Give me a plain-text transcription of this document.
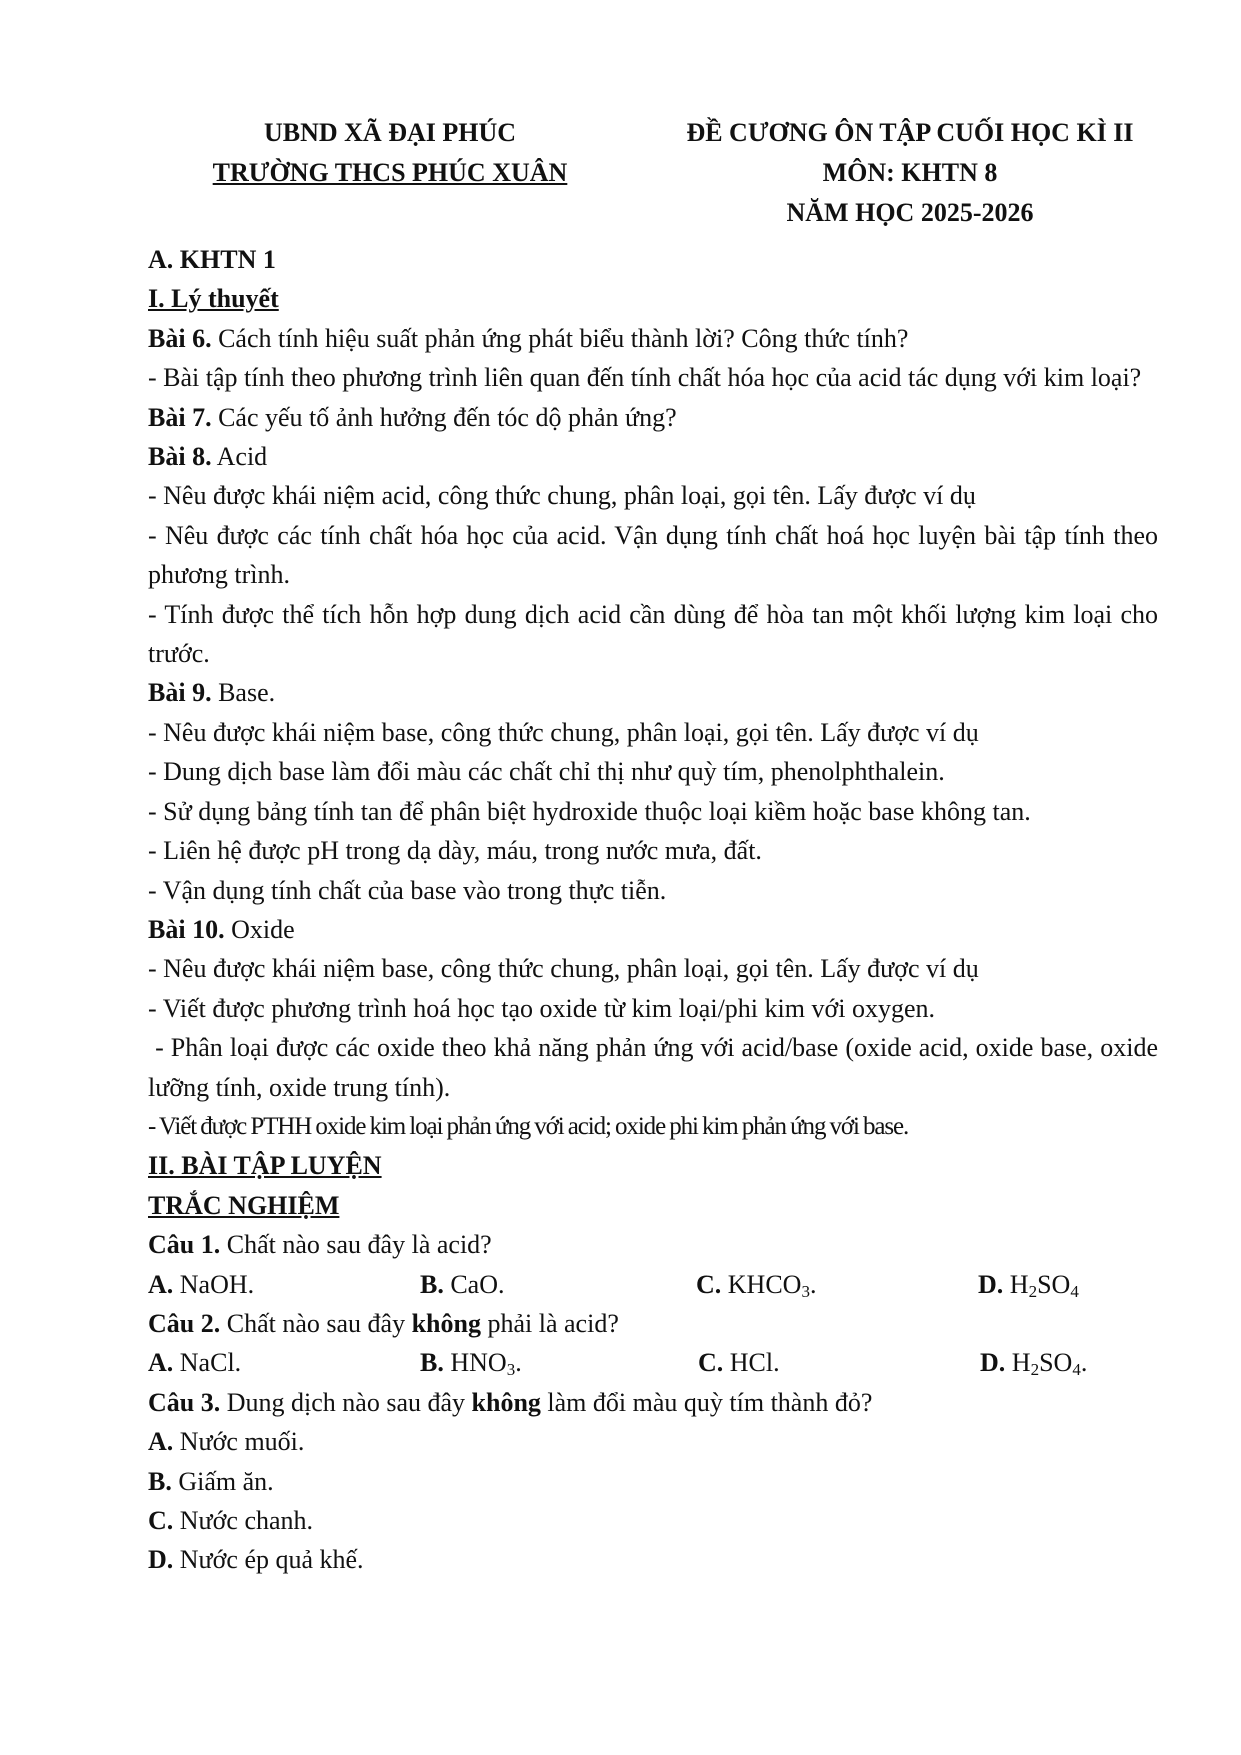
UBND XÃ ĐẠI PHÚC
TRƯỜNG THCS PHÚC XUÂN
ĐỀ CƯƠNG ÔN TẬP CUỐI HỌC KÌ II
MÔN: KHTN 8
NĂM HỌC 2025-2026

A. KHTN 1

I. Lý thuyết

Bài 6. Cách tính hiệu suất phản ứng phát biểu thành lời? Công thức tính?

- Bài tập tính theo phương trình liên quan đến tính chất hóa học của acid tác dụng với kim loại?

Bài 7. Các yếu tố ảnh hưởng đến tóc dộ phản ứng?

Bài 8. Acid

- Nêu được khái niệm acid, công thức chung, phân loại, gọi tên. Lấy được ví dụ

- Nêu được các tính chất hóa học của acid. Vận dụng tính chất hoá học luyện bài tập tính theo phương trình.

- Tính được thể tích hỗn hợp dung dịch acid cần dùng để hòa tan một khối lượng kim loại cho trước.

Bài 9. Base.

- Nêu được khái niệm base, công thức chung, phân loại, gọi tên. Lấy được ví dụ

- Dung dịch base làm đổi màu các chất chỉ thị như quỳ tím, phenolphthalein.

- Sử dụng bảng tính tan để phân biệt hydroxide thuộc loại kiềm hoặc base không tan.

- Liên hệ được pH trong dạ dày, máu, trong nước mưa, đất.

- Vận dụng tính chất của base vào trong thực tiễn.

Bài 10. Oxide

- Nêu được khái niệm base, công thức chung, phân loại, gọi tên. Lấy được ví dụ

- Viết được phương trình hoá học tạo oxide từ kim loại/phi kim với oxygen.

- Phân loại được các oxide theo khả năng phản ứng với acid/base (oxide acid, oxide base, oxide lưỡng tính, oxide trung tính).

- Viết được PTHH oxide kim loại phản ứng với acid; oxide phi kim phản ứng với base.

II. BÀI TẬP LUYỆN

TRẮC NGHIỆM

Câu 1. Chất nào sau đây là acid?

A. NaOH.	B. CaO.	C. $KHCO_3$.	D. $H_2SO_4$

Câu 2. Chất nào sau đây không phải là acid?

A. NaCl.	B. $HNO_3$.	C. HCl.	D. $H_2SO_4$.

Câu 3. Dung dịch nào sau đây không làm đổi màu quỳ tím thành đỏ?

A. Nước muối.

B. Giấm ăn.

C. Nước chanh.

D. Nước ép quả khế.
